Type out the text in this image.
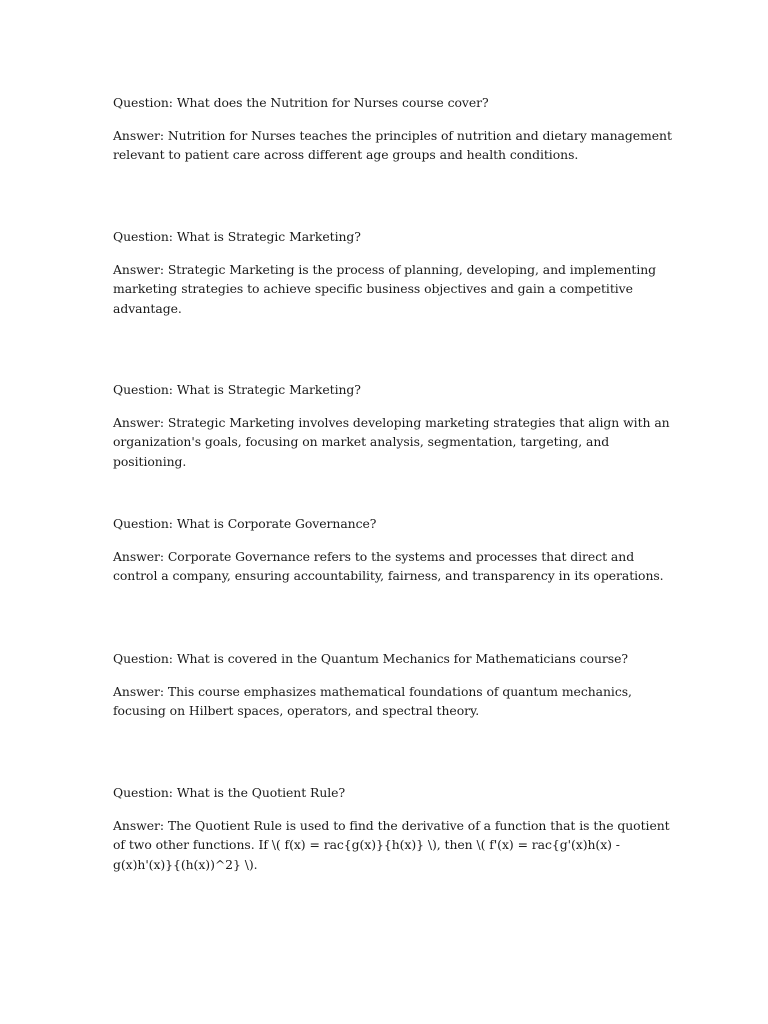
Question: What does the Nutrition for Nurses course cover?

Answer: Nutrition for Nurses teaches the principles of nutrition and dietary management relevant to patient care across different age groups and health conditions.

Question: What is Strategic Marketing?

Answer: Strategic Marketing is the process of planning, developing, and implementing marketing strategies to achieve specific business objectives and gain a competitive advantage.

Question: What is Strategic Marketing?

Answer: Strategic Marketing involves developing marketing strategies that align with an organization's goals, focusing on market analysis, segmentation, targeting, and positioning.

Question: What is Corporate Governance?

Answer: Corporate Governance refers to the systems and processes that direct and control a company, ensuring accountability, fairness, and transparency in its operations.

Question: What is covered in the Quantum Mechanics for Mathematicians course?

Answer: This course emphasizes mathematical foundations of quantum mechanics, focusing on Hilbert spaces, operators, and spectral theory.

Question: What is the Quotient Rule?

Answer: The Quotient Rule is used to find the derivative of a function that is the quotient of two other functions. If \( f(x) = rac{g(x)}{h(x)} \), then \( f'(x) = rac{g'(x)h(x) - g(x)h'(x)}{(h(x))^2} \).
